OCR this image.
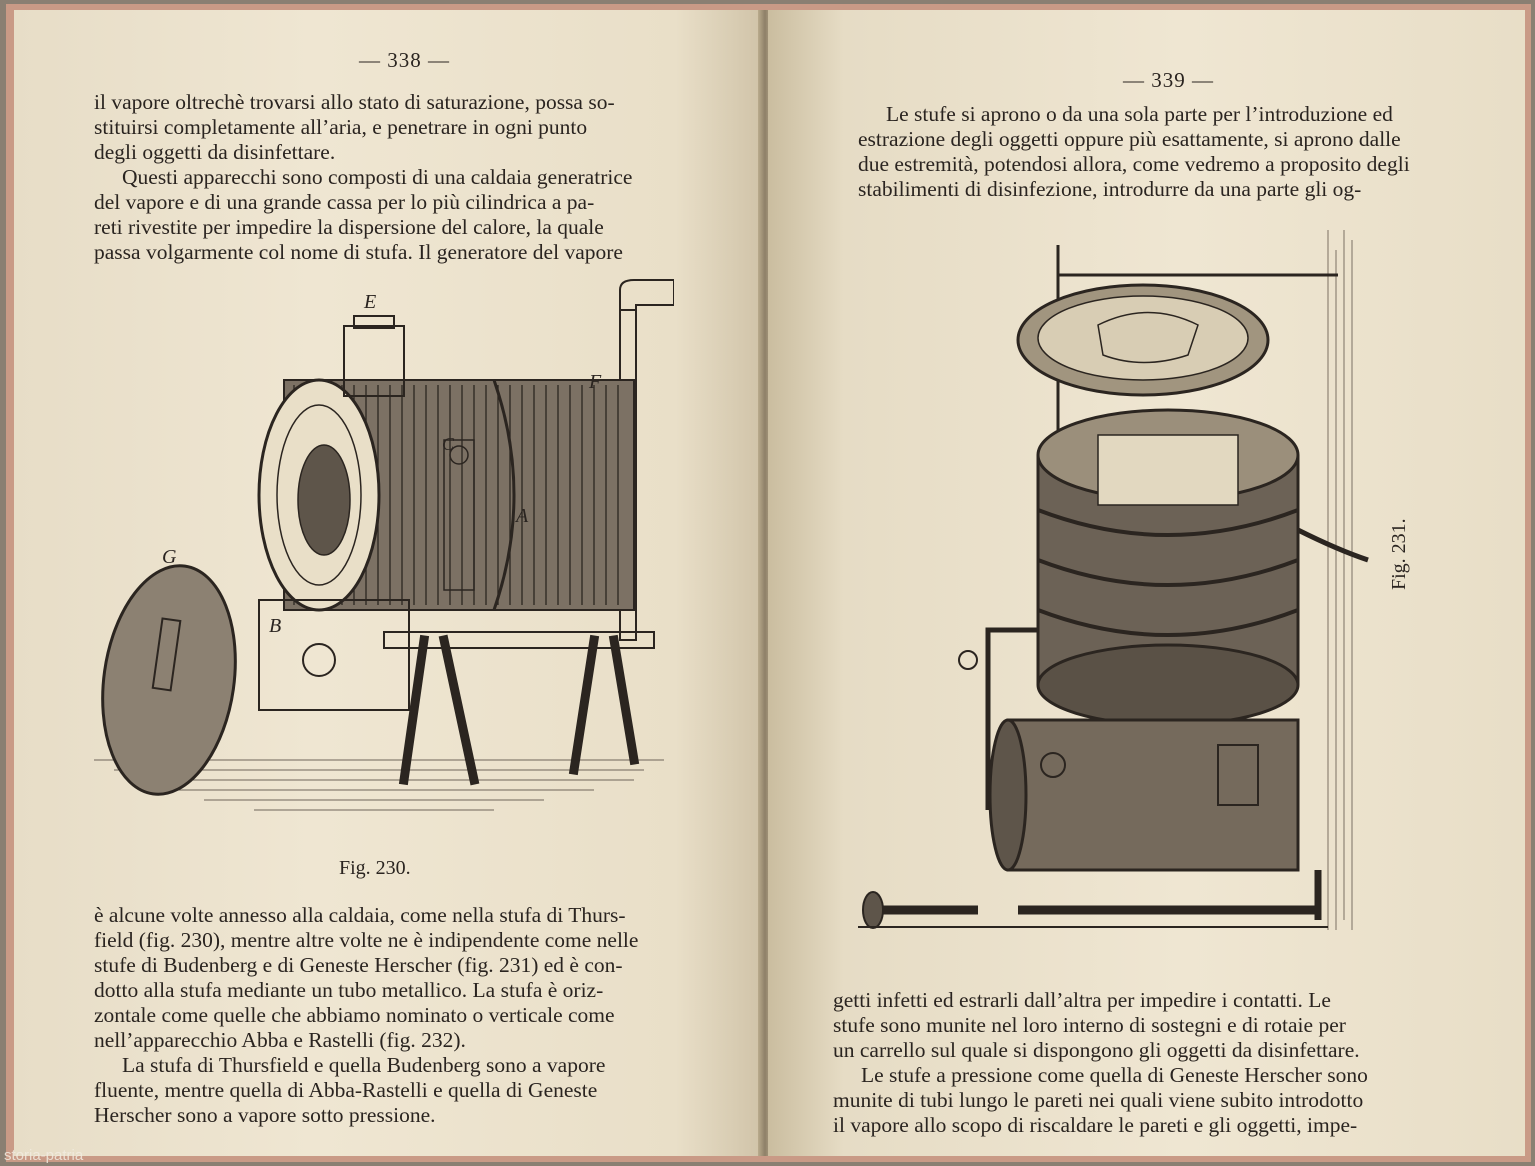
— 338 —
il vapore oltrechè trovarsi allo stato di saturazione, possa so-
stituirsi completamente all’aria, e penetrare in ogni punto
degli oggetti da disinfettare.
Questi apparecchi sono composti di una caldaia generatrice
del vapore e di una grande cassa per lo più cilindrica a pa-
reti rivestite per impedire la dispersione del calore, la quale
passa volgarmente col nome di stufa. Il generatore del vapore
E
F
C
A
G
B
Fig. 230.
è alcune volte annesso alla caldaia, come nella stufa di Thurs-
field (fig. 230), mentre altre volte ne è indipendente come nelle
stufe di Budenberg e di Geneste Herscher (fig. 231) ed è con-
dotto alla stufa mediante un tubo metallico. La stufa è oriz-
zontale come quelle che abbiamo nominato o verticale come
nell’apparecchio Abba e Rastelli (fig. 232).
La stufa di Thursfield e quella Budenberg sono a vapore
fluente, mentre quella di Abba-Rastelli e quella di Geneste
Herscher sono a vapore sotto pressione.
— 339 —
Le stufe si aprono o da una sola parte per l’introduzione ed
estrazione degli oggetti oppure più esattamente, si aprono dalle
due estremità, potendosi allora, come vedremo a proposito degli
stabilimenti di disinfezione, introdurre da una parte gli og-
Fig. 231.
getti infetti ed estrarli dall’altra per impedire i contatti. Le
stufe sono munite nel loro interno di sostegni e di rotaie per
un carrello sul quale si dispongono gli oggetti da disinfettare.
Le stufe a pressione come quella di Geneste Herscher sono
munite di tubi lungo le pareti nei quali viene subito introdotto
il vapore allo scopo di riscaldare le pareti e gli oggetti, impe-
storia-patria
